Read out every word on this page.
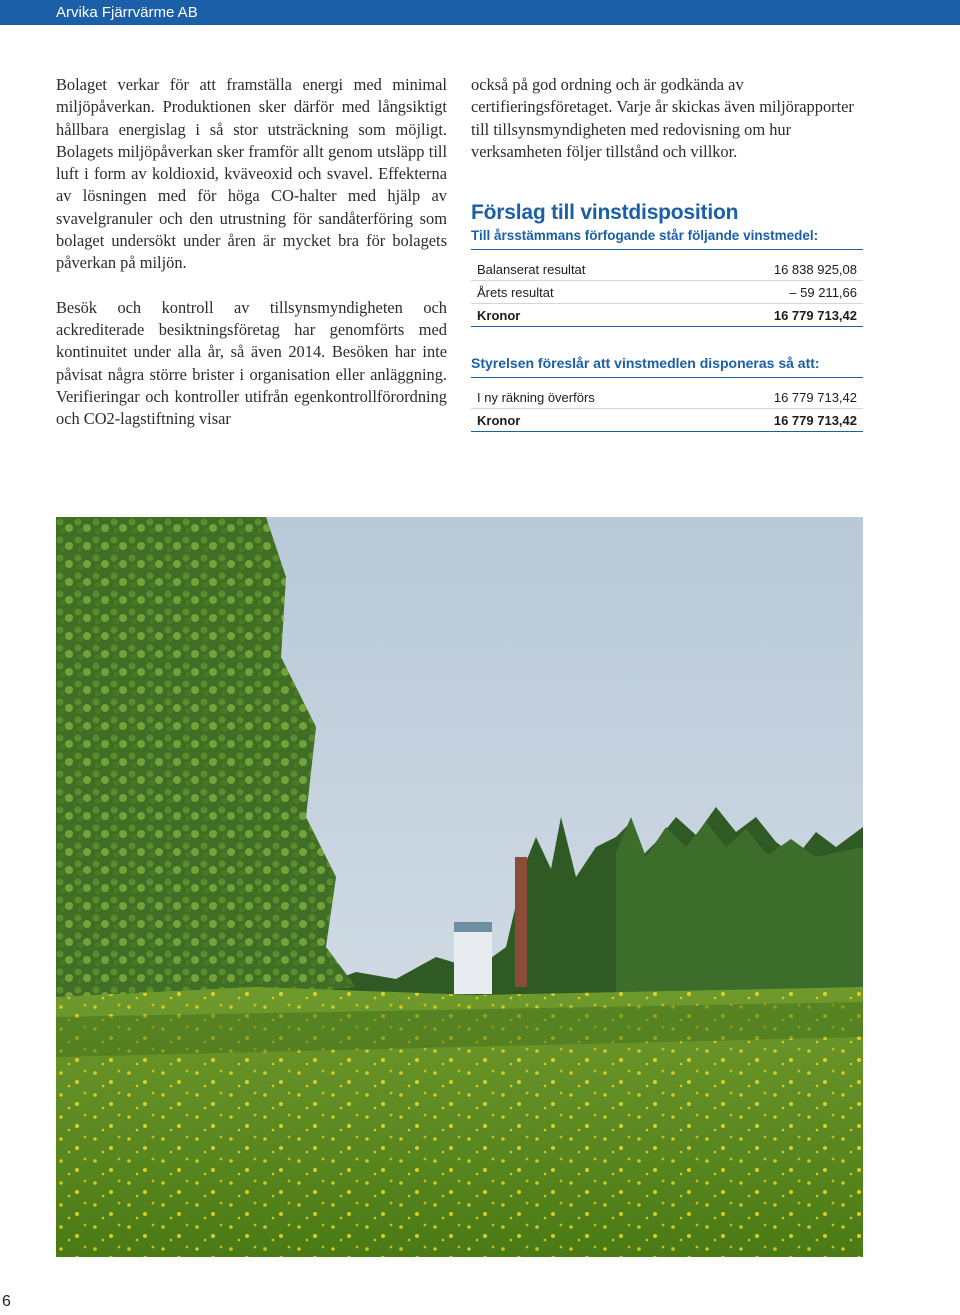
Arvika Fjärrvärme AB

Bolaget verkar för att framställa energi med minimal miljöpåverkan. Produktionen sker därför med långsiktigt hållbara energislag i så stor utsträckning som möjligt. Bolagets miljöpåverkan sker framför allt genom utsläpp till luft i form av koldioxid, kväveoxid och svavel. Effekterna av lösningen med för höga CO-halter med hjälp av svavelgranuler och den utrustning för sandåterföring som bolaget undersökt under åren är mycket bra för bolagets påverkan på miljön.

Besök och kontroll av tillsynsmyndigheten och ackrediterade besiktningsföretag har genomförts med kontinuitet under alla år, så även 2014. Besöken har inte påvisat några större brister i organisation eller anläggning. Verifieringar och kontroller utifrån egenkontrollförordning och CO2-lagstiftning visar

också på god ordning och är godkända av certifieringsföretaget. Varje år skickas även miljörapporter till tillsynsmyndigheten med redovisning om hur verksamheten följer tillstånd och villkor.

Förslag till vinstdisposition
Till årsstämmans förfogande står följande vinstmedel:
Balanserat resultat	16 838 925,08
Årets resultat	– 59 211,66
Kronor	16 779 713,42
Styrelsen föreslår att vinstmedlen disponeras så att:
I ny räkning överförs	16 779 713,42
Kronor	16 779 713,42
6
